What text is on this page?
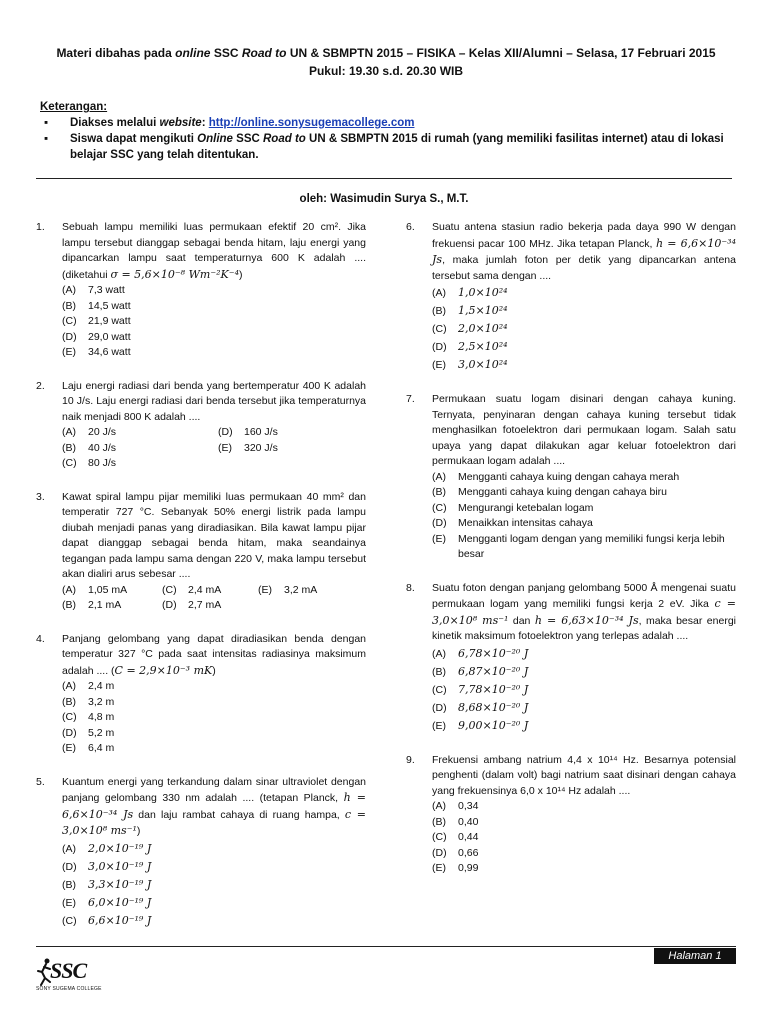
Materi dibahas pada online SSC Road to UN & SBMPTN 2015 – FISIKA – Kelas XII/Alumni – Selasa, 17 Februari 2015
Pukul: 19.30 s.d. 20.30 WIB
Keterangan:
▪ Diakses melalui website: http://online.sonysugemacollege.com
▪ Siswa dapat mengikuti Online SSC Road to UN & SBMPTN 2015 di rumah (yang memiliki fasilitas internet) atau di lokasi belajar SSC yang telah ditentukan.
oleh: Wasimudin Surya S., M.T.
1. Sebuah lampu memiliki luas permukaan efektif 20 cm². Jika lampu tersebut dianggap sebagai benda hitam, laju energi yang dipancarkan lampu saat temperaturnya 600 K adalah .... (diketahui σ = 5,6×10⁻⁸ Wm⁻²K⁻⁴)
(A)	7,3 watt
(B)	14,5 watt
(C)	21,9 watt
(D)	29,0 watt
(E)	34,6 watt
2. Laju energi radiasi dari benda yang bertemperatur 400 K adalah 10 J/s. Laju energi radiasi dari benda tersebut jika temperaturnya naik menjadi 800 K adalah ....
(A)	20 J/s	(D)	160 J/s
(B)	40 J/s	(E)	320 J/s
(C)	80 J/s
3. Kawat spiral lampu pijar memiliki luas permukaan 40 mm² dan temperatir 727 °C. Sebanyak 50% energi listrik pada lampu diubah menjadi panas yang diradiasikan. Bila kawat lampu pijar dapat dianggap sebagai benda hitam, maka seandainya tegangan pada lampu sama dengan 220 V, maka lampu tersebut akan dialiri arus sebesar ....
(A)	1,05 mA	(C)	2,4 mA	(E)	3,2 mA
(B)	2,1 mA	(D)	2,7 mA
4. Panjang gelombang yang dapat diradiasikan benda dengan temperatur 327 °C pada saat intensitas radiasinya maksimum adalah .... (C = 2,9×10⁻³ mK)
(A)	2,4 m
(B)	3,2 m
(C)	4,8 m
(D)	5,2 m
(E)	6,4 m
5. Kuantum energi yang terkandung dalam sinar ultraviolet dengan panjang gelombang 330 nm adalah .... (tetapan Planck, h = 6,6×10⁻³⁴ Js dan laju rambat cahaya di ruang hampa, c = 3,0×10⁸ ms⁻¹)
(A)	2,0×10⁻¹⁹ J
(D)	3,0×10⁻¹⁹ J
(B)	3,3×10⁻¹⁹ J
(E)	6,0×10⁻¹⁹ J
(C)	6,6×10⁻¹⁹ J
6. Suatu antena stasiun radio bekerja pada daya 990 W dengan frekuensi pacar 100 MHz. Jika tetapan Planck, h = 6,6×10⁻³⁴ Js, maka jumlah foton per detik yang dipancarkan antena tersebut sama dengan ....
(A)	1,0×10²⁴
(B)	1,5×10²⁴
(C)	2,0×10²⁴
(D)	2,5×10²⁴
(E)	3,0×10²⁴
7. Permukaan suatu logam disinari dengan cahaya kuning. Ternyata, penyinaran dengan cahaya kuning tersebut tidak menghasilkan fotoelektron dari permukaan logam. Salah satu upaya yang dapat dilakukan agar keluar fotoelektron dari permukaan logam adalah ....
(A)	Mengganti cahaya kuing dengan cahaya merah
(B)	Mengganti cahaya kuing dengan cahaya biru
(C)	Mengurangi ketebalan logam
(D)	Menaikkan intensitas cahaya
(E)	Mengganti logam dengan yang memiliki fungsi kerja lebih besar
8. Suatu foton dengan panjang gelombang 5000 Å mengenai suatu permukaan logam yang memiliki fungsi kerja 2 eV. Jika c = 3,0×10⁸ ms⁻¹ dan h = 6,63×10⁻³⁴ Js, maka besar energi kinetik maksimum fotoelektron yang terlepas adalah ....
(A)	6,78×10⁻²⁰ J
(B)	6,87×10⁻²⁰ J
(C)	7,78×10⁻²⁰ J
(D)	8,68×10⁻²⁰ J
(E)	9,00×10⁻²⁰ J
9. Frekuensi ambang natrium 4,4 x 10¹⁴ Hz. Besarnya potensial penghenti (dalam volt) bagi natrium saat disinari dengan cahaya yang frekuensinya 6,0 x 10¹⁴ Hz adalah ....
(A)	0,34
(B)	0,40
(C)	0,44
(D)	0,66
(E)	0,99
SSC
SONY SUGEMA COLLEGE
Halaman 1
